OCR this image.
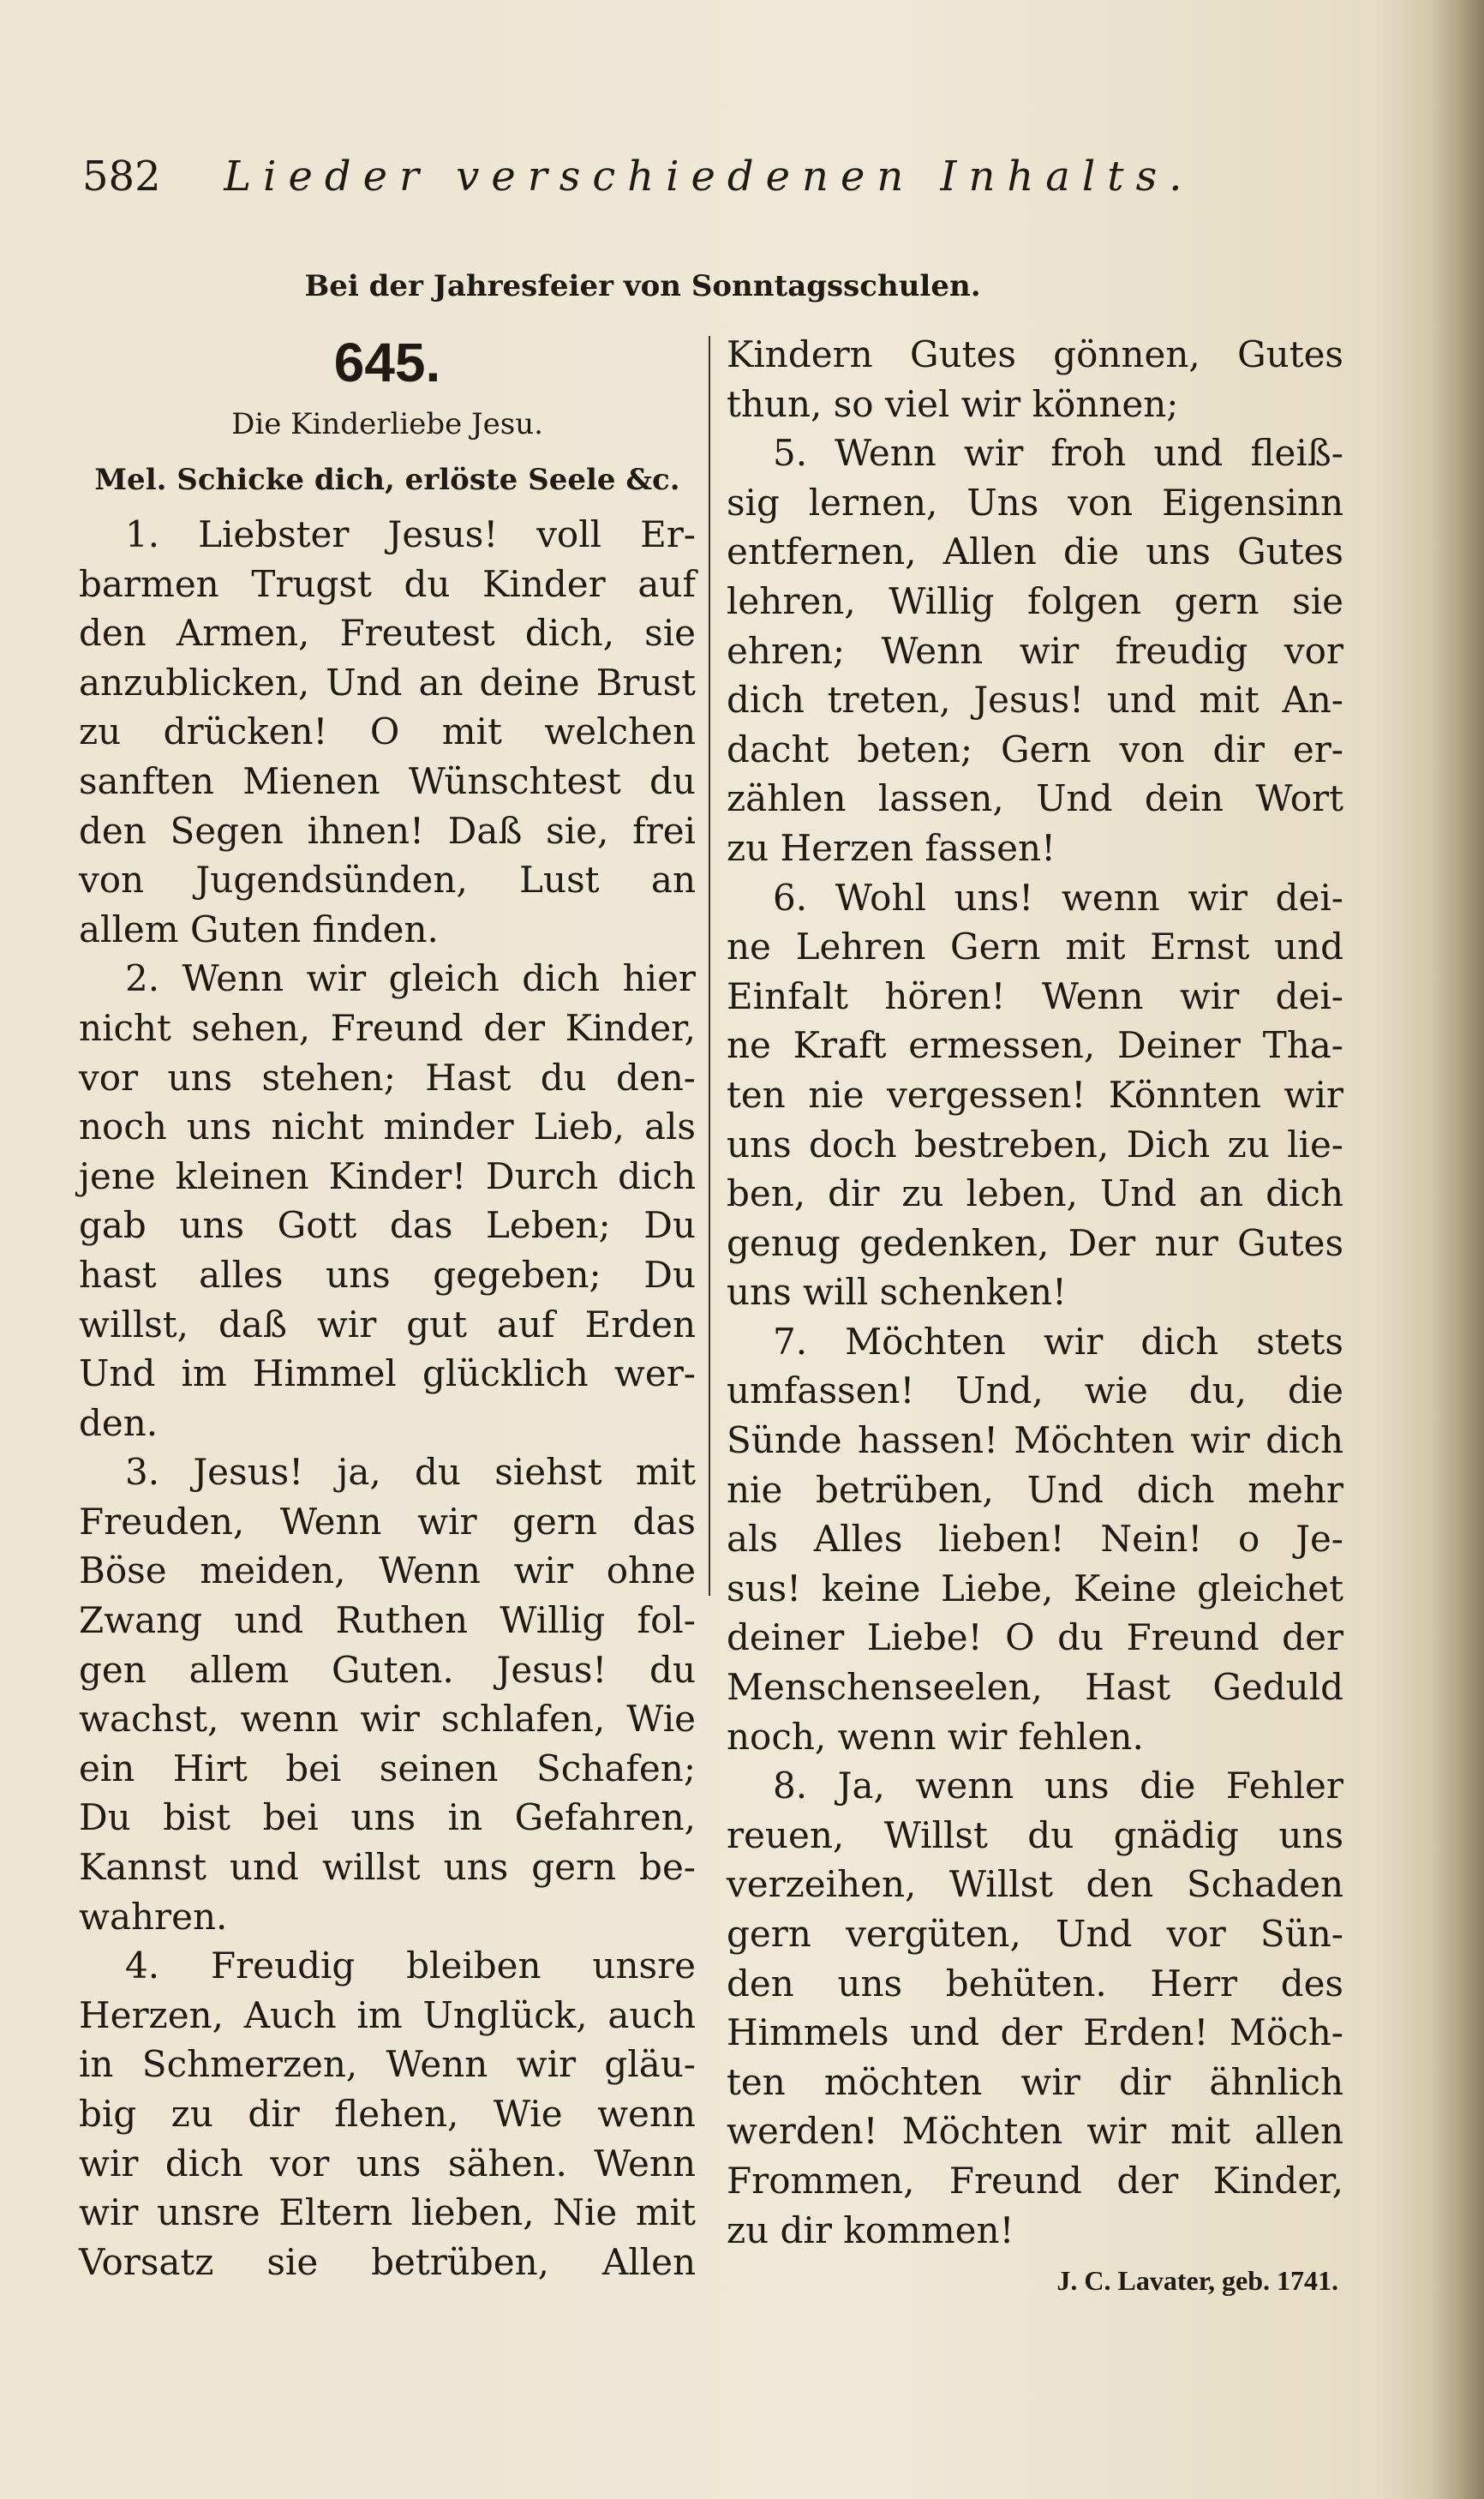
582 Lieder verschiedenen Inhalts.
Bei der Jahresfeier von Sonntagsschulen.
645.
Die Kinderliebe Jesu.
Mel. Schicke dich, erlöste Seele &c.
1. Liebster Jesus! voll Er-
barmen Trugst du Kinder auf
den Armen, Freutest dich, sie
anzublicken, Und an deine Brust
zu drücken! O mit welchen
sanften Mienen Wünschtest du
den Segen ihnen! Daß sie, frei
von Jugendsünden, Lust an
allem Guten finden.
2. Wenn wir gleich dich hier
nicht sehen, Freund der Kinder,
vor uns stehen; Hast du den-
noch uns nicht minder Lieb, als
jene kleinen Kinder! Durch dich
gab uns Gott das Leben; Du
hast alles uns gegeben; Du
willst, daß wir gut auf Erden
Und im Himmel glücklich wer-
den.
3. Jesus! ja, du siehst mit
Freuden, Wenn wir gern das
Böse meiden, Wenn wir ohne
Zwang und Ruthen Willig fol-
gen allem Guten. Jesus! du
wachst, wenn wir schlafen, Wie
ein Hirt bei seinen Schafen;
Du bist bei uns in Gefahren,
Kannst und willst uns gern be-
wahren.
4. Freudig bleiben unsre
Herzen, Auch im Unglück, auch
in Schmerzen, Wenn wir gläu-
big zu dir flehen, Wie wenn
wir dich vor uns sähen. Wenn
wir unsre Eltern lieben, Nie mit
Vorsatz sie betrüben, Allen
Kindern Gutes gönnen, Gutes
thun, so viel wir können;
5. Wenn wir froh und fleiß-
sig lernen, Uns von Eigensinn
entfernen, Allen die uns Gutes
lehren, Willig folgen gern sie
ehren; Wenn wir freudig vor
dich treten, Jesus! und mit An-
dacht beten; Gern von dir er-
zählen lassen, Und dein Wort
zu Herzen fassen!
6. Wohl uns! wenn wir dei-
ne Lehren Gern mit Ernst und
Einfalt hören! Wenn wir dei-
ne Kraft ermessen, Deiner Tha-
ten nie vergessen! Könnten wir
uns doch bestreben, Dich zu lie-
ben, dir zu leben, Und an dich
genug gedenken, Der nur Gutes
uns will schenken!
7. Möchten wir dich stets
umfassen! Und, wie du, die
Sünde hassen! Möchten wir dich
nie betrüben, Und dich mehr
als Alles lieben! Nein! o Je-
sus! keine Liebe, Keine gleichet
deiner Liebe! O du Freund der
Menschenseelen, Hast Geduld
noch, wenn wir fehlen.
8. Ja, wenn uns die Fehler
reuen, Willst du gnädig uns
verzeihen, Willst den Schaden
gern vergüten, Und vor Sün-
den uns behüten. Herr des
Himmels und der Erden! Möch-
ten möchten wir dir ähnlich
werden! Möchten wir mit allen
Frommen, Freund der Kinder,
zu dir kommen!
J. C. Lavater, geb. 1741.
